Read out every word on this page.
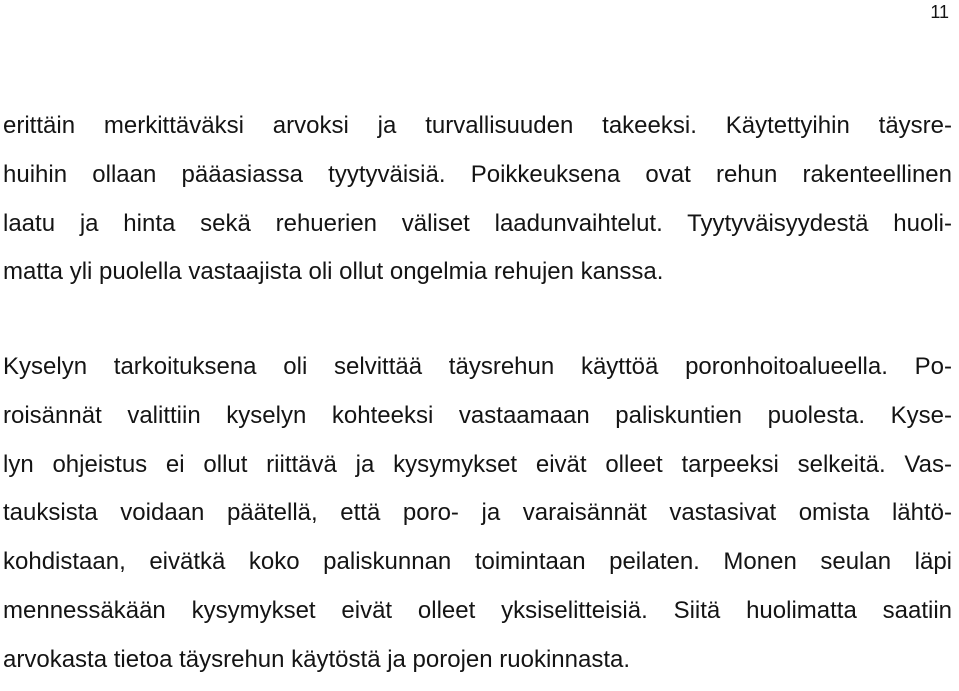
11
erittäin merkittäväksi arvoksi ja turvallisuuden takeeksi. Käytettyihin täysre-
huihin ollaan pääasiassa tyytyväisiä. Poikkeuksena ovat rehun rakenteellinen
laatu ja hinta sekä rehuerien väliset laadunvaihtelut. Tyytyväisyydestä huoli-
matta yli puolella vastaajista oli ollut ongelmia rehujen kanssa.
Kyselyn tarkoituksena oli selvittää täysrehun käyttöä poronhoitoalueella. Po-
roisännät valittiin kyselyn kohteeksi vastaamaan paliskuntien puolesta. Kyse-
lyn ohjeistus ei ollut riittävä ja kysymykset eivät olleet tarpeeksi selkeitä. Vas-
tauksista voidaan päätellä, että poro- ja varaisännät vastasivat omista lähtö-
kohdistaan, eivätkä koko paliskunnan toimintaan peilaten. Monen seulan läpi
mennessäkään kysymykset eivät olleet yksiselitteisiä. Siitä huolimatta saatiin
arvokasta tietoa täysrehun käytöstä ja porojen ruokinnasta.
